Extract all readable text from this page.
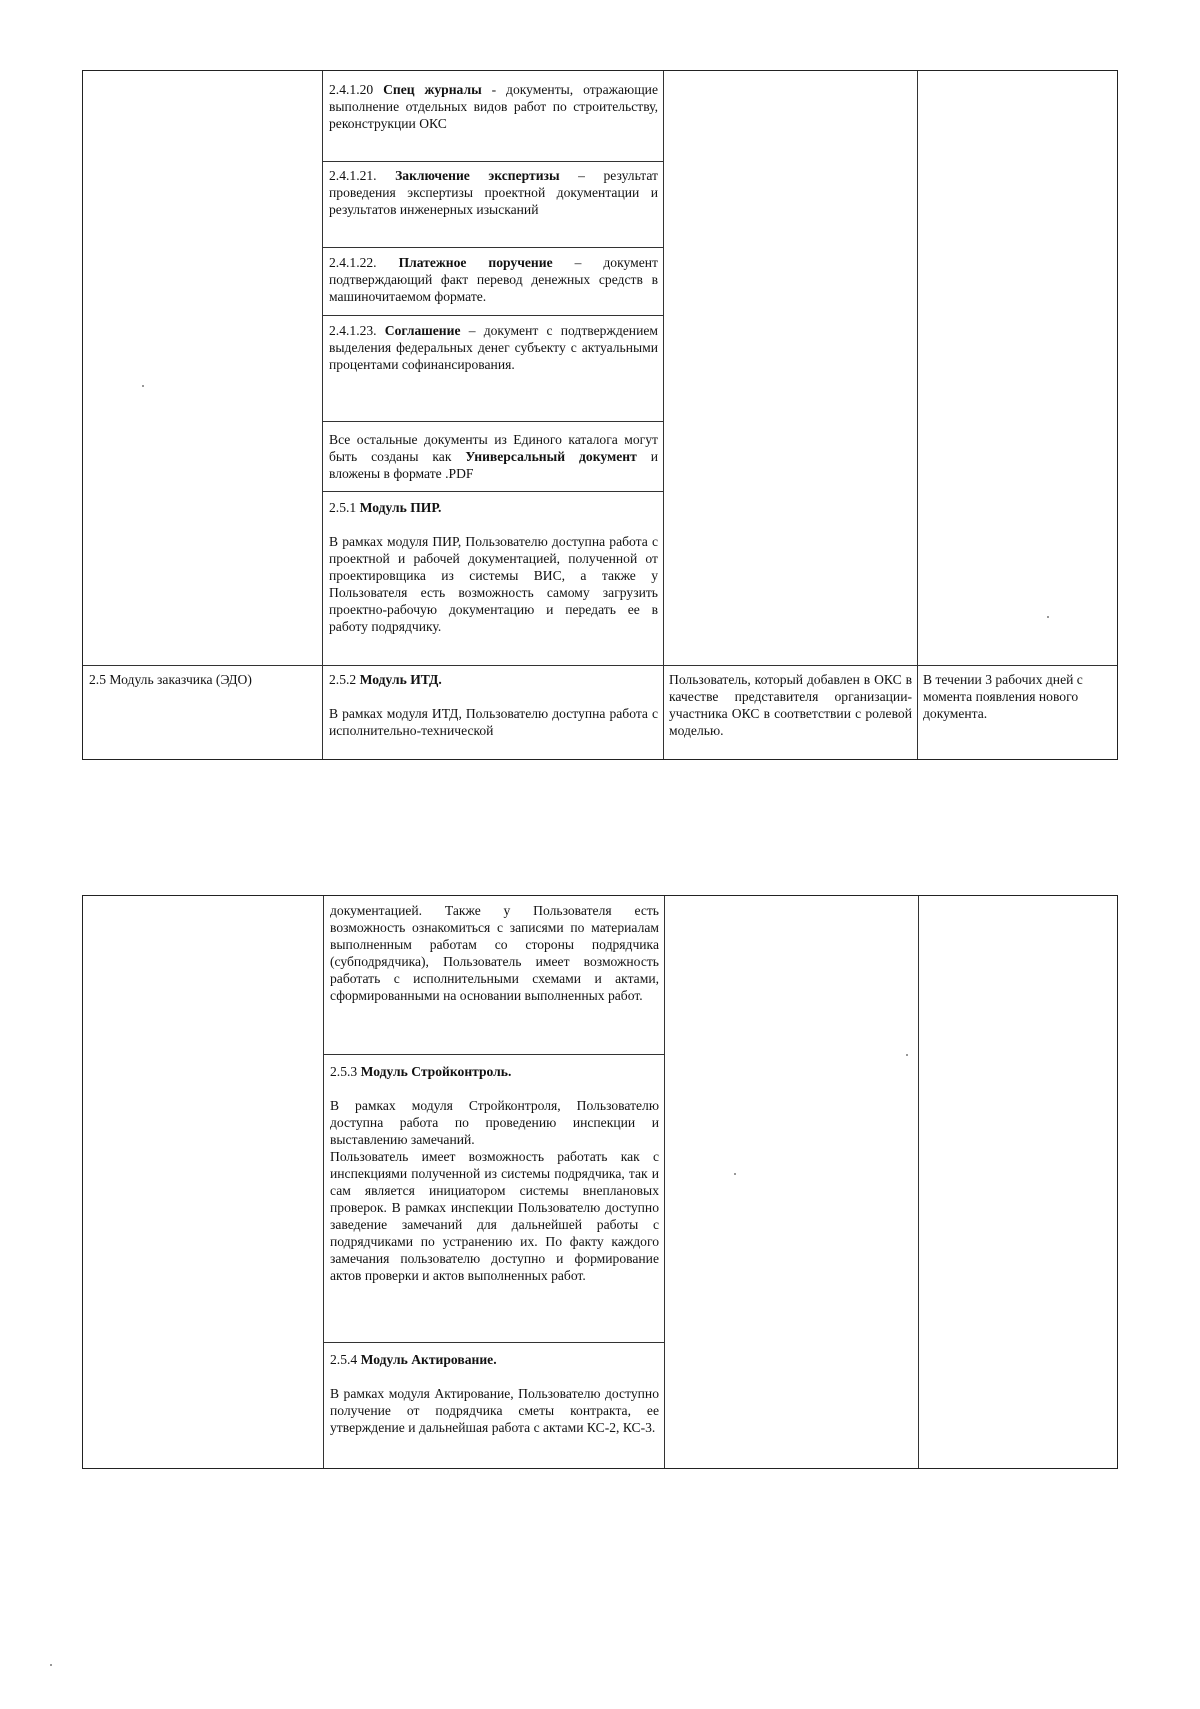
2.4.1.20 Спец журналы - документы, отражающие выполнение отдельных видов работ по строительству, реконструкции ОКС

2.4.1.21. Заключение экспертизы – результат проведения экспертизы проектной документации и результатов инженерных изысканий

2.4.1.22. Платежное поручение – документ подтверждающий факт перевод денежных средств в машиночитаемом формате.

2.4.1.23. Соглашение – документ с подтверждением выделения федеральных денег субъекту с актуальными процентами софинансирования.

Все остальные документы из Единого каталога могут быть созданы как Универсальный документ и вложены в формате .PDF

2.5.1 Модуль ПИР.

В рамках модуля ПИР, Пользователю доступна работа с проектной и рабочей документацией, полученной от проектировщика из системы ВИС, а также у Пользователя есть возможность самому загрузить проектно-рабочую документацию и передать ее в работу подрядчику.

2.5 Модуль заказчика (ЭДО)	2.5.2 Модуль ИТД.

В рамках модуля ИТД, Пользователю доступна работа с исполнительно-технической

Пользователь, который добавлен в ОКС в качестве представителя организации-участника ОКС в соответствии с ролевой моделью.

В течении 3 рабочих дней с момента появления нового документа.

документацией. Также у Пользователя есть возможность ознакомиться с записями по материалам выполненным работам со стороны подрядчика (субподрядчика), Пользователь имеет возможность работать с исполнительными схемами и актами, сформированными на основании выполненных работ.

2.5.3 Модуль Стройконтроль.

В рамках модуля Стройконтроля, Пользователю доступна работа по проведению инспекции и выставлению замечаний.

Пользователь имеет возможность работать как с инспекциями полученной из системы подрядчика, так и сам является инициатором системы внеплановых проверок. В рамках инспекции Пользователю доступно заведение замечаний для дальнейшей работы с подрядчиками по устранению их. По факту каждого замечания пользователю доступно и формирование актов проверки и актов выполненных работ.

2.5.4 Модуль Актирование.

В рамках модуля Актирование, Пользователю доступно получение от подрядчика сметы контракта, ее утверждение и дальнейшая работа с актами КС-2, КС-3.
